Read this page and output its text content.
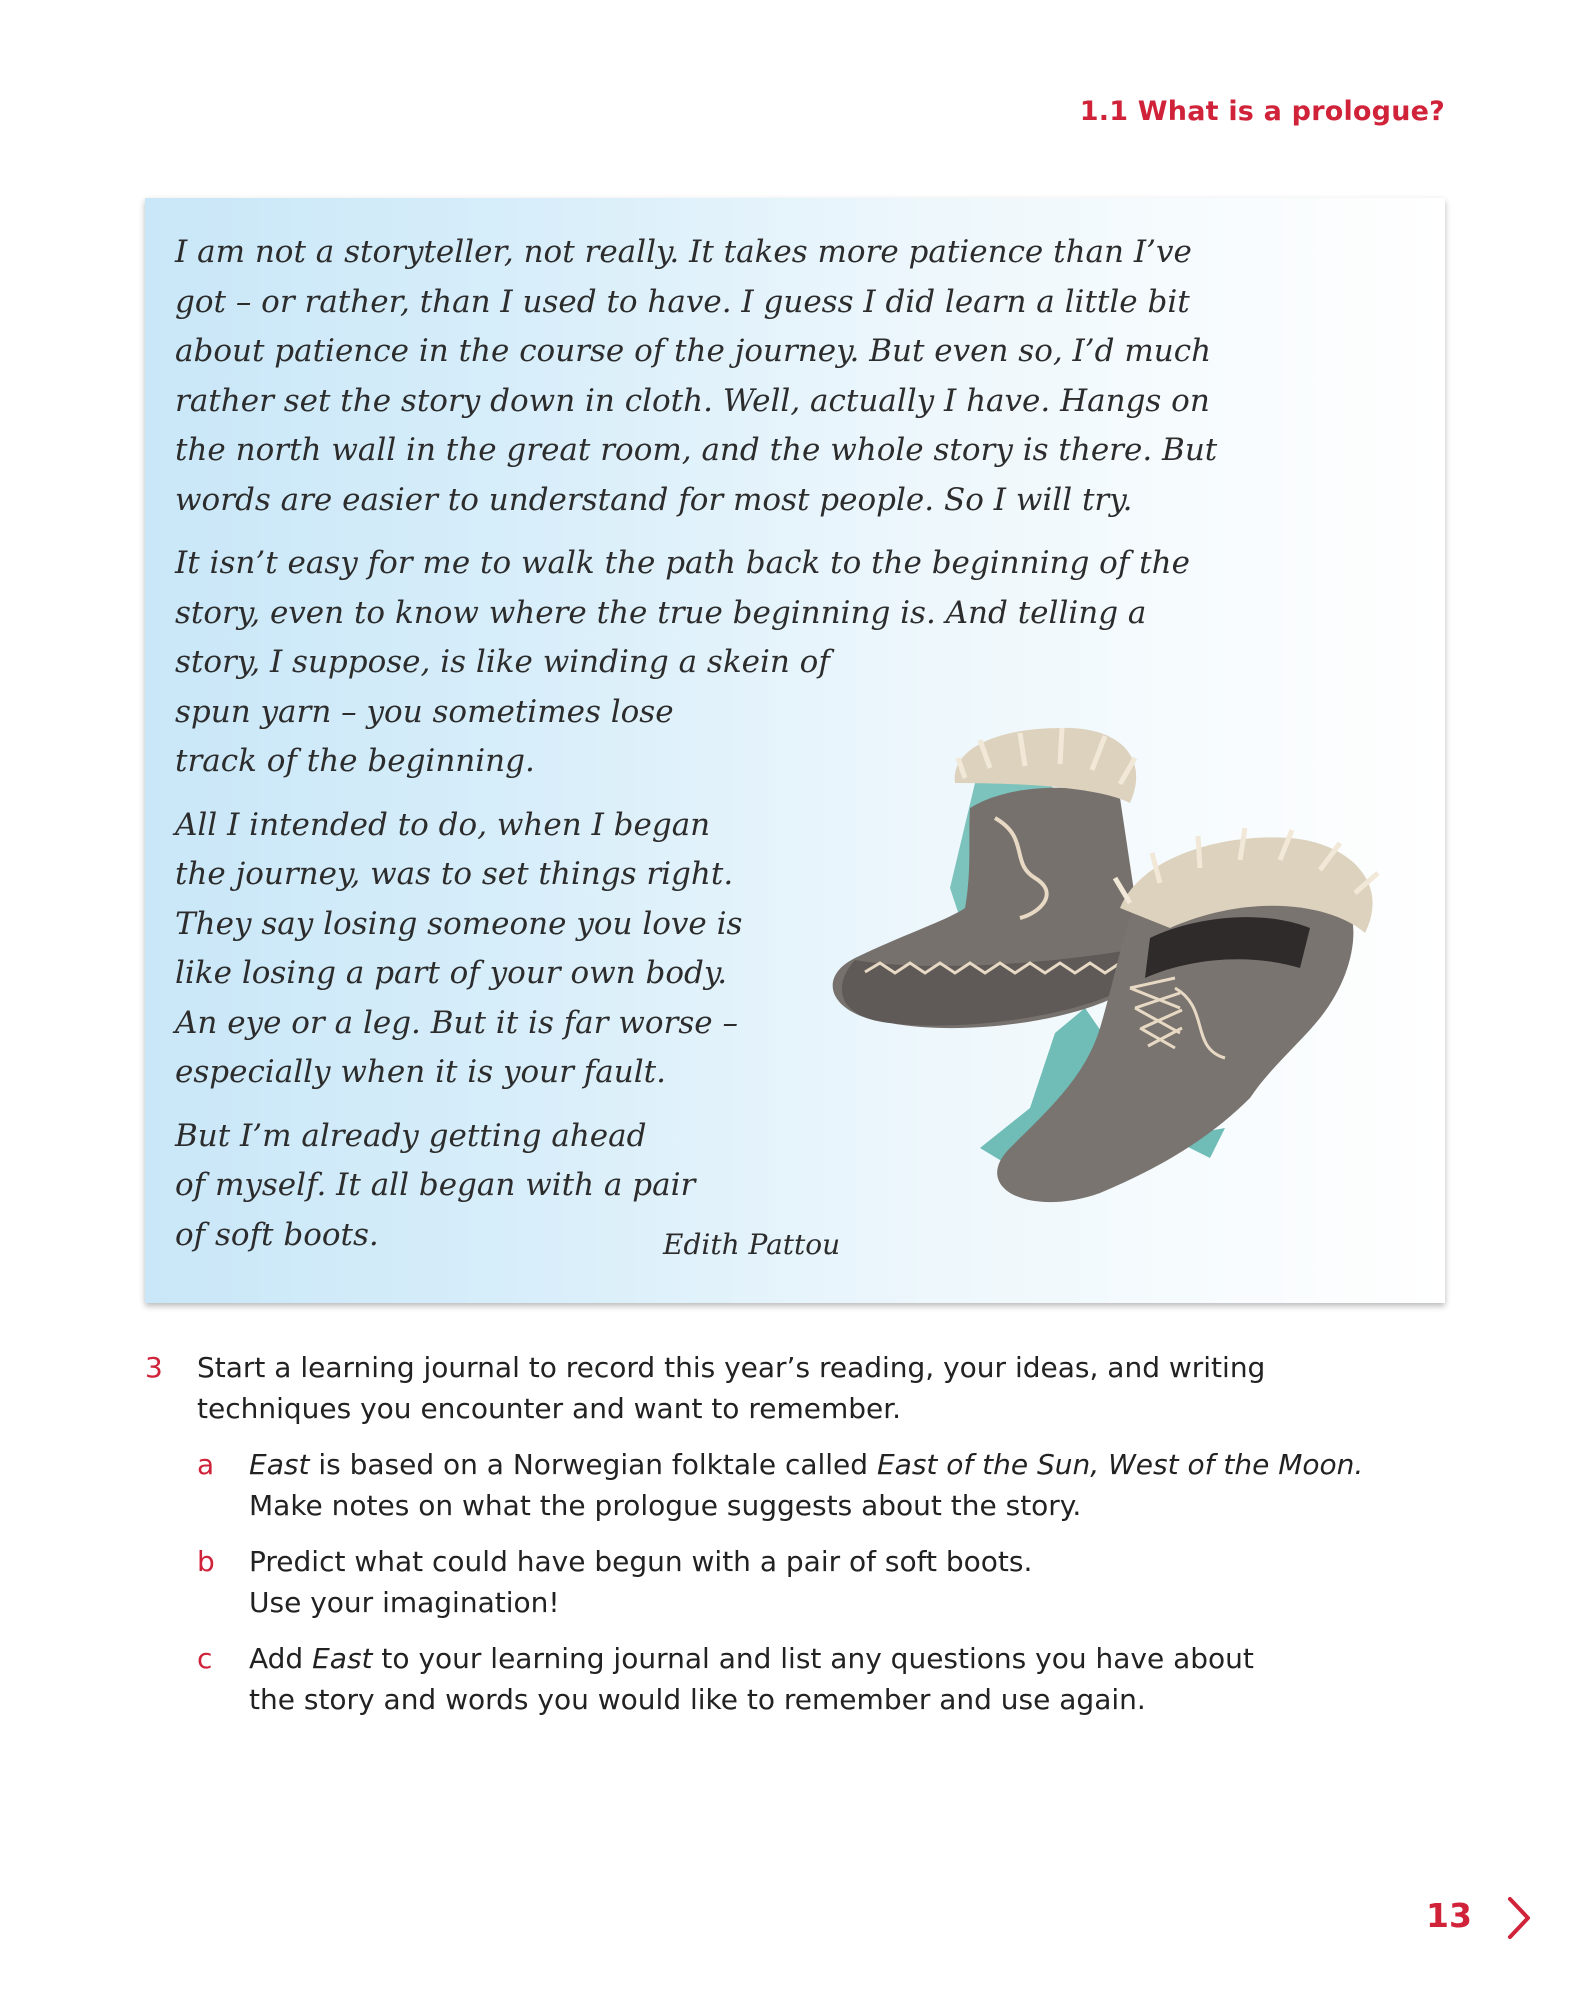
1.1 What is a prologue?

I am not a storyteller, not really. It takes more patience than I’ve
got – or rather, than I used to have. I guess I did learn a little bit
about patience in the course of the journey. But even so, I’d much
rather set the story down in cloth. Well, actually I have. Hangs on
the north wall in the great room, and the whole story is there. But
words are easier to understand for most people. So I will try.

It isn’t easy for me to walk the path back to the beginning of the
story, even to know where the true beginning is. And telling a
story, I suppose, is like winding a skein of
spun yarn – you sometimes lose
track of the beginning.

All I intended to do, when I began
the journey, was to set things right.
They say losing someone you love is
like losing a part of your own body.
An eye or a leg. But it is far worse –
especially when it is your fault.

But I’m already getting ahead
of myself. It all began with a pair
of soft boots.	Edith Pattou
3 Start a learning journal to record this year’s reading, your ideas, and writing
techniques you encounter and want to remember.
a East is based on a Norwegian folktale called East of the Sun, West of the Moon.
Make notes on what the prologue suggests about the story.
b Predict what could have begun with a pair of soft boots.
Use your imagination!
c Add East to your learning journal and list any questions you have about
the story and words you would like to remember and use again.
13
